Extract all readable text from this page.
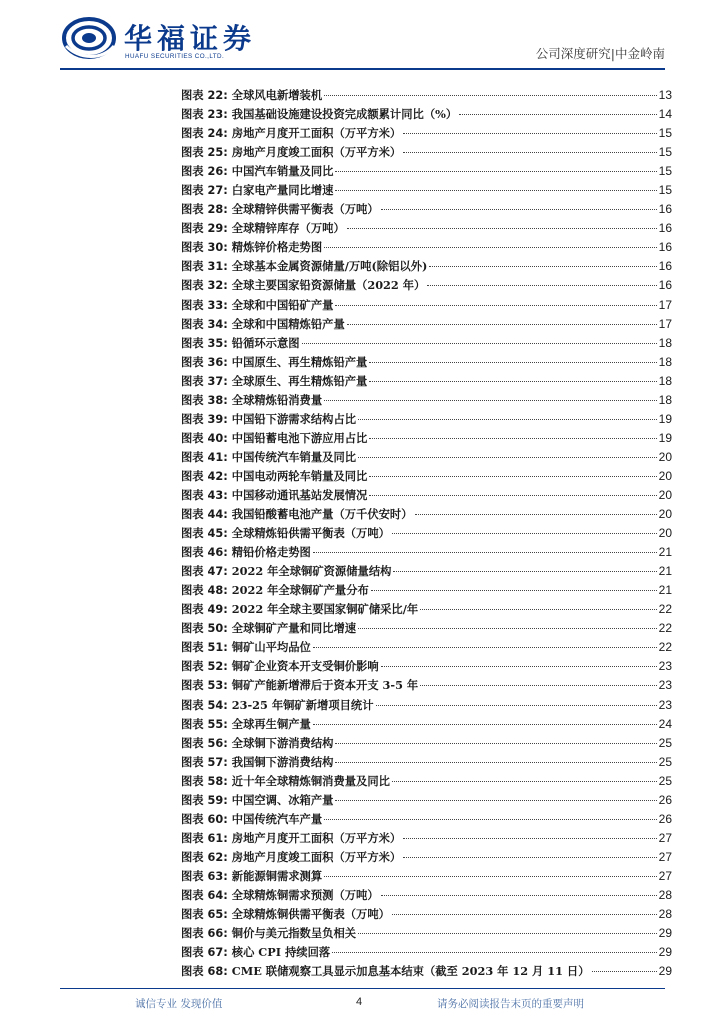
华福证券
HUAFU SECURITIES CO.,LTD.	公司深度研究|中金岭南
图表 22: 全球风电新增装机	13
图表 23: 我国基础设施建设投资完成额累计同比（%）	14
图表 24: 房地产月度开工面积（万平方米）	15
图表 25: 房地产月度竣工面积（万平方米）	15
图表 26: 中国汽车销量及同比	15
图表 27: 白家电产量同比增速	15
图表 28: 全球精锌供需平衡表（万吨）	16
图表 29: 全球精锌库存（万吨）	16
图表 30: 精炼锌价格走势图	16
图表 31: 全球基本金属资源储量/万吨(除铝以外)	16
图表 32: 全球主要国家铅资源储量（2022 年）	16
图表 33: 全球和中国铅矿产量	17
图表 34: 全球和中国精炼铅产量	17
图表 35: 铅循环示意图	18
图表 36: 中国原生、再生精炼铅产量	18
图表 37: 全球原生、再生精炼铅产量	18
图表 38: 全球精炼铅消费量	18
图表 39: 中国铅下游需求结构占比	19
图表 40: 中国铅蓄电池下游应用占比	19
图表 41: 中国传统汽车销量及同比	20
图表 42: 中国电动两轮车销量及同比	20
图表 43: 中国移动通讯基站发展情况	20
图表 44: 我国铅酸蓄电池产量（万千伏安时）	20
图表 45: 全球精炼铅供需平衡表（万吨）	20
图表 46: 精铅价格走势图	21
图表 47: 2022 年全球铜矿资源储量结构	21
图表 48: 2022 年全球铜矿产量分布	21
图表 49: 2022 年全球主要国家铜矿储采比/年	22
图表 50: 全球铜矿产量和同比增速	22
图表 51: 铜矿山平均品位	22
图表 52: 铜矿企业资本开支受铜价影响	23
图表 53: 铜矿产能新增滞后于资本开支 3-5 年	23
图表 54: 23-25 年铜矿新增项目统计	23
图表 55: 全球再生铜产量	24
图表 56: 全球铜下游消费结构	25
图表 57: 我国铜下游消费结构	25
图表 58: 近十年全球精炼铜消费量及同比	25
图表 59: 中国空调、冰箱产量	26
图表 60: 中国传统汽车产量	26
图表 61: 房地产月度开工面积（万平方米）	27
图表 62: 房地产月度竣工面积（万平方米）	27
图表 63: 新能源铜需求测算	27
图表 64: 全球精炼铜需求预测（万吨）	28
图表 65: 全球精炼铜供需平衡表（万吨）	28
图表 66: 铜价与美元指数呈负相关	29
图表 67: 核心 CPI 持续回落	29
图表 68: CME 联储观察工具显示加息基本结束（截至 2023 年 12 月 11 日）	29
诚信专业 发现价值	4	请务必阅读报告末页的重要声明
